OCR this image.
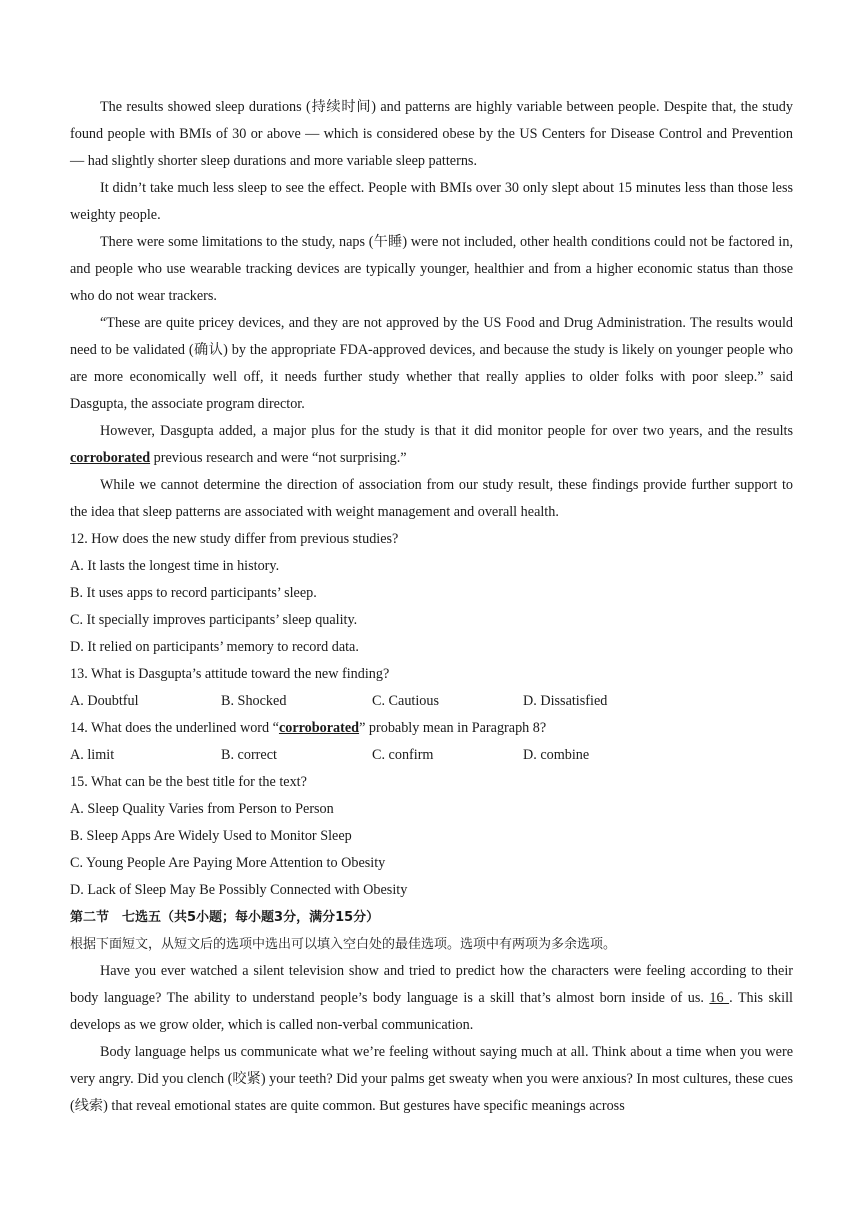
The results showed sleep durations (持续时间) and patterns are highly variable between people. Despite that, the study found people with BMIs of 30 or above — which is considered obese by the US Centers for Disease Control and Prevention — had slightly shorter sleep durations and more variable sleep patterns.

It didn’t take much less sleep to see the effect. People with BMIs over 30 only slept about 15 minutes less than those less weighty people.

There were some limitations to the study, naps (午睡) were not included, other health conditions could not be factored in, and people who use wearable tracking devices are typically younger, healthier and from a higher economic status than those who do not wear trackers.

“These are quite pricey devices, and they are not approved by the US Food and Drug Administration. The results would need to be validated (确认) by the appropriate FDA-approved devices, and because the study is likely on younger people who are more economically well off, it needs further study whether that really applies to older folks with poor sleep.” said Dasgupta, the associate program director.

However, Dasgupta added, a major plus for the study is that it did monitor people for over two years, and the results corroborated previous research and were “not surprising.”

While we cannot determine the direction of association from our study result, these findings provide further support to the idea that sleep patterns are associated with weight management and overall health.

12. How does the new study differ from previous studies?

A. It lasts the longest time in history.

B. It uses apps to record participants’ sleep.

C. It specially improves participants’ sleep quality.

D. It relied on participants’ memory to record data.

13. What is Dasgupta’s attitude toward the new finding?

A. Doubtful	B. Shocked	C. Cautious	D. Dissatisfied

14. What does the underlined word “corroborated” probably mean in Paragraph 8?

A. limit	B. correct	C. confirm	D. combine

15. What can be the best title for the text?

A. Sleep Quality Varies from Person to Person

B. Sleep Apps Are Widely Used to Monitor Sleep

C. Young People Are Paying More Attention to Obesity

D. Lack of Sleep May Be Possibly Connected with Obesity

第二节　七选五（共5小题；每小题3分，满分15分）

根据下面短文，从短文后的选项中选出可以填入空白处的最佳选项。选项中有两项为多余选项。

Have you ever watched a silent television show and tried to predict how the characters were feeling according to their body language? The ability to understand people’s body language is a skill that’s almost born inside of us. 16 . This skill develops as we grow older, which is called non-verbal communication.

Body language helps us communicate what we’re feeling without saying much at all. Think about a time when you were very angry. Did you clench (咬紧) your teeth? Did your palms get sweaty when you were anxious? In most cultures, these cues (线索) that reveal emotional states are quite common. But gestures have specific meanings across
